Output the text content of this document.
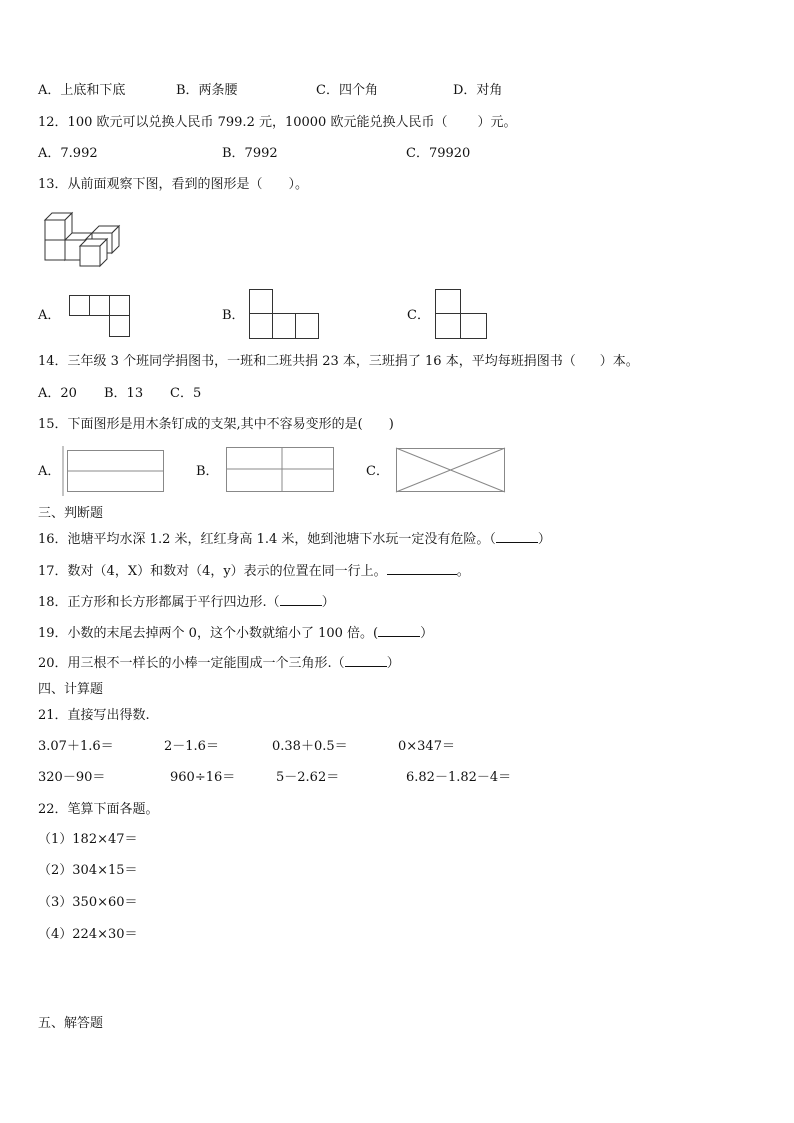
A．上底和下底	B．两条腰	C．四个角	D．对角
12．100 欧元可以兑换人民币 799.2 元，10000 欧元能兑换人民币（ ）元。
A．7.992	B．7992	C．79920
13．从前面观察下图，看到的图形是（　　）。
A．	B．	C．
14．三年级 3 个班同学捐图书，一班和二班共捐 23 本，三班捐了 16 本，平均每班捐图书（ ）本。
A．20 B．13 C．5
15．下面图形是用木条钉成的支架,其中不容易变形的是(　　)
A．	B．	C．
三、判断题
16．池塘平均水深 1.2 米，红红身高 1.4 米，她到池塘下水玩一定没有危险。（	）
17．数对（4，X）和数对（4，y）表示的位置在同一行上。	。
18．正方形和长方形都属于平行四边形.（	）
19．小数的末尾去掉两个 0，这个小数就缩小了 100 倍。(	）
20．用三根不一样长的小棒一定能围成一个三角形.（	）
四、计算题
21．直接写出得数.
3.07＋1.6＝	2－1.6＝	0.38＋0.5＝	0×347＝
320－90＝	960÷16＝	5－2.62＝	6.82－1.82－4＝
22．笔算下面各题。
（1）182×47＝
（2）304×15＝
（3）350×60＝
（4）224×30＝
五、解答题
